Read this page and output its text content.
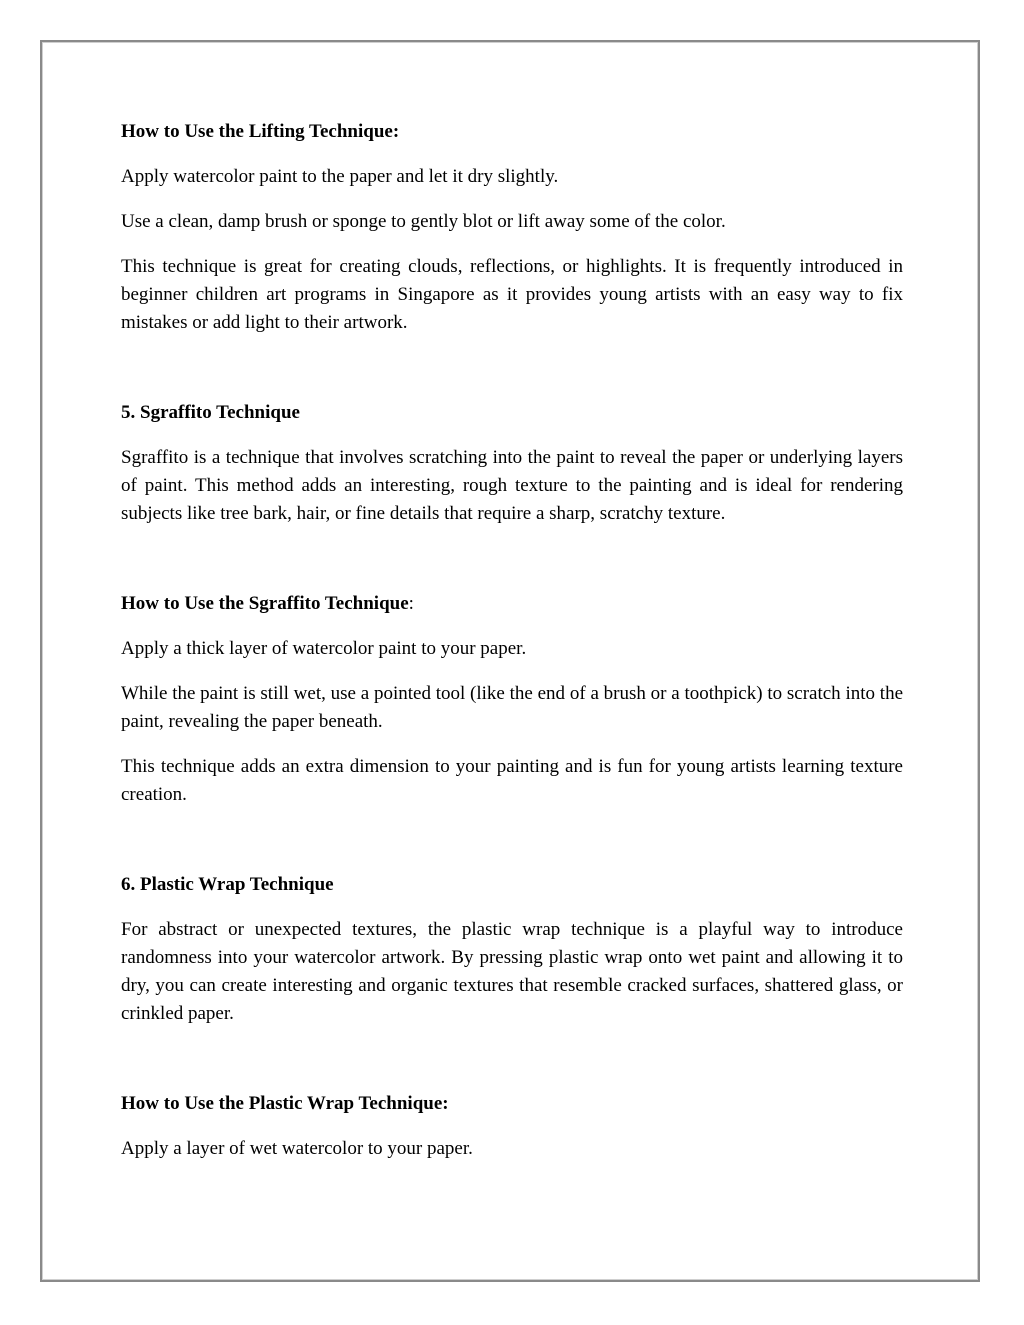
How to Use the Lifting Technique:

Apply watercolor paint to the paper and let it dry slightly.

Use a clean, damp brush or sponge to gently blot or lift away some of the color.

This technique is great for creating clouds, reflections, or highlights. It is frequently introduced in beginner children art programs in Singapore as it provides young artists with an easy way to fix mistakes or add light to their artwork.

5. Sgraffito Technique

Sgraffito is a technique that involves scratching into the paint to reveal the paper or underlying layers of paint. This method adds an interesting, rough texture to the painting and is ideal for rendering subjects like tree bark, hair, or fine details that require a sharp, scratchy texture.

How to Use the Sgraffito Technique:

Apply a thick layer of watercolor paint to your paper.

While the paint is still wet, use a pointed tool (like the end of a brush or a toothpick) to scratch into the paint, revealing the paper beneath.

This technique adds an extra dimension to your painting and is fun for young artists learning texture creation.

6. Plastic Wrap Technique

For abstract or unexpected textures, the plastic wrap technique is a playful way to introduce randomness into your watercolor artwork. By pressing plastic wrap onto wet paint and allowing it to dry, you can create interesting and organic textures that resemble cracked surfaces, shattered glass, or crinkled paper.

How to Use the Plastic Wrap Technique:

Apply a layer of wet watercolor to your paper.
